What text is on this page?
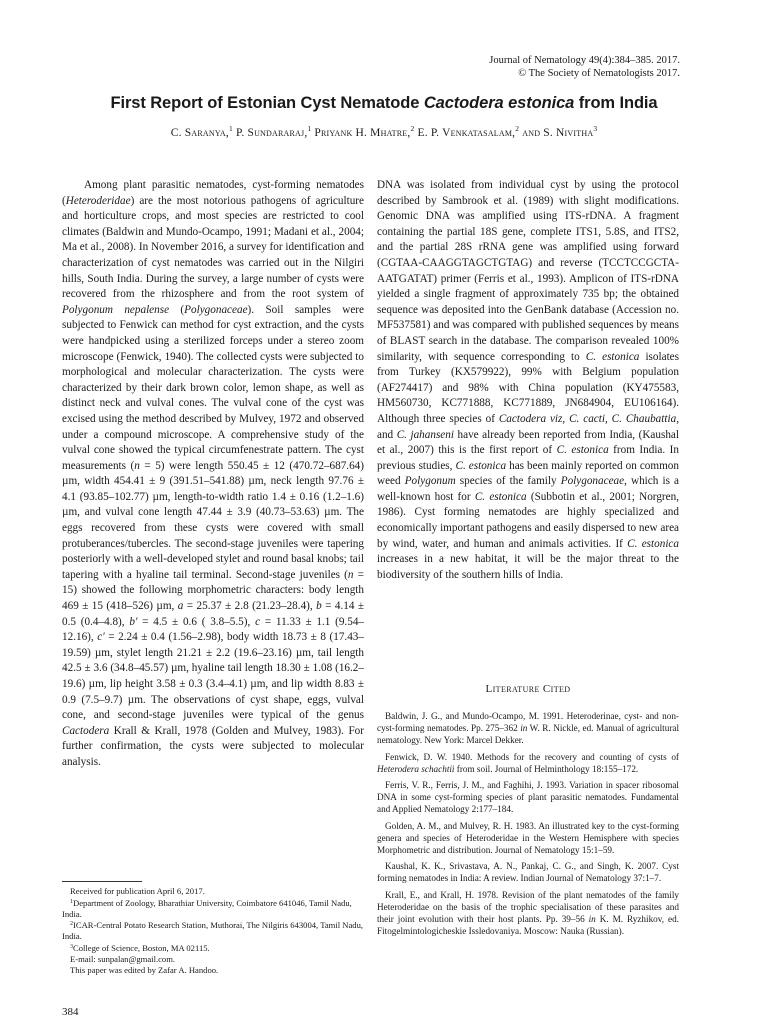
Journal of Nematology 49(4):384–385. 2017.
© The Society of Nematologists 2017.
First Report of Estonian Cyst Nematode Cactodera estonica from India
C. Saranya,$^1$ P. Sundararaj,$^1$ Priyank H. Mhatre,$^2$ E. P. Venkatasalam,$^2$ and S. Nivitha$^3$

Among plant parasitic nematodes, cyst-forming nematodes (Heteroderidae) are the most notorious pathogens of agriculture and horticulture crops, and most species are restricted to cool climates (Baldwin and Mundo-Ocampo, 1991; Madani et al., 2004; Ma et al., 2008). In November 2016, a survey for identification and characterization of cyst nematodes was carried out in the Nilgiri hills, South India. During the survey, a large number of cysts were recovered from the rhizosphere and from the root system of Polygonum nepalense (Polygonaceae). Soil samples were subjected to Fenwick can method for cyst extraction, and the cysts were handpicked using a sterilized forceps under a stereo zoom microscope (Fenwick, 1940). The collected cysts were subjected to morphological and molecular characterization. The cysts were characterized by their dark brown color, lemon shape, as well as distinct neck and vulval cones. The vulval cone of the cyst was excised using the method described by Mulvey, 1972 and observed under a compound microscope. A comprehensive study of the vulval cone showed the typical circumfenestrate pattern. The cyst measurements (n = 5) were length 550.45 ± 12 (470.72–687.64) µm, width 454.41 ± 9 (391.51–541.88) µm, neck length 97.76 ± 4.1 (93.85–102.77) µm, length-to-width ratio 1.4 ± 0.16 (1.2–1.6) µm, and vulval cone length 47.44 ± 3.9 (40.73–53.63) µm. The eggs recovered from these cysts were covered with small protuberances/tubercles. The second-stage juveniles were tapering posteriorly with a well-developed stylet and round basal knobs; tail tapering with a hyaline tail terminal. Second-stage juveniles (n = 15) showed the following morphometric characters: body length 469 ± 15 (418–526) µm, a = 25.37 ± 2.8 (21.23–28.4), b = 4.14 ± 0.5 (0.4–4.8), b′ = 4.5 ± 0.6 ( 3.8–5.5), c = 11.33 ± 1.1 (9.54–12.16), c′ = 2.24 ± 0.4 (1.56–2.98), body width 18.73 ± 8 (17.43–19.59) µm, stylet length 21.21 ± 2.2 (19.6–23.16) µm, tail length 42.5 ± 3.6 (34.8–45.57) µm, hyaline tail length 18.30 ± 1.08 (16.2–19.6) µm, lip height 3.58 ± 0.3 (3.4–4.1) µm, and lip width 8.83 ± 0.9 (7.5–9.7) µm. The observations of cyst shape, eggs, vulval cone, and second-stage juveniles were typical of the genus Cactodera Krall & Krall, 1978 (Golden and Mulvey, 1983). For further confirmation, the cysts were subjected to molecular analysis.

DNA was isolated from individual cyst by using the protocol described by Sambrook et al. (1989) with slight modifications. Genomic DNA was amplified using ITS-rDNA. A fragment containing the partial 18S gene, complete ITS1, 5.8S, and ITS2, and the partial 28S rRNA gene was amplified using forward (CGTAA-CAAGGTAGCTGTAG) and reverse (TCCTCCGCTA-AATGATAT) primer (Ferris et al., 1993). Amplicon of ITS-rDNA yielded a single fragment of approximately 735 bp; the obtained sequence was deposited into the GenBank database (Accession no. MF537581) and was compared with published sequences by means of BLAST search in the database. The comparison revealed 100% similarity, with sequence corresponding to C. estonica isolates from Turkey (KX579922), 99% with Belgium population (AF274417) and 98% with China population (KY475583, HM560730, KC771888, KC771889, JN684904, EU106164). Although three species of Cactodera viz, C. cacti, C. Chaubattia, and C. jahanseni have already been reported from India, (Kaushal et al., 2007) this is the first report of C. estonica from India. In previous studies, C. estonica has been mainly reported on common weed Polygonum species of the family Polygonaceae, which is a well-known host for C. estonica (Subbotin et al., 2001; Norgren, 1986). Cyst forming nematodes are highly specialized and economically important pathogens and easily dispersed to new area by wind, water, and human and animals activities. If C. estonica increases in a new habitat, it will be the major threat to the biodiversity of the southern hills of India.

Literature Cited

Baldwin, J. G., and Mundo-Ocampo, M. 1991. Heteroderinae, cyst- and non-cyst-forming nematodes. Pp. 275–362 in W. R. Nickle, ed. Manual of agricultural nematology. New York: Marcel Dekker.

Fenwick, D. W. 1940. Methods for the recovery and counting of cysts of Heterodera schachtii from soil. Journal of Helminthology 18:155–172.

Ferris, V. R., Ferris, J. M., and Faghihi, J. 1993. Variation in spacer ribosomal DNA in some cyst-forming species of plant parasitic nematodes. Fundamental and Applied Nematology 2:177–184.

Golden, A. M., and Mulvey, R. H. 1983. An illustrated key to the cyst-forming genera and species of Heteroderidae in the Western Hemisphere with species Morphometric and distribution. Journal of Nematology 15:1–59.

Kaushal, K. K., Srivastava, A. N., Pankaj, C. G., and Singh, K. 2007. Cyst forming nematodes in India: A review. Indian Journal of Nematology 37:1–7.

Krall, E., and Krall, H. 1978. Revision of the plant nematodes of the family Heteroderidae on the basis of the trophic specialisation of these parasites and their joint evolution with their host plants. Pp. 39–56 in K. M. Ryzhikov, ed. Fitogelmintologicheskie Issledovaniya. Moscow: Nauka (Russian).

Received for publication April 6, 2017.
$^1$Department of Zoology, Bharathiar University, Coimbatore 641046, Tamil Nadu, India.
$^2$ICAR-Central Potato Research Station, Muthorai, The Nilgiris 643004, Tamil Nadu, India.
$^3$College of Science, Boston, MA 02115.
E-mail: sunpalan@gmail.com.
This paper was edited by Zafar A. Handoo.
384
